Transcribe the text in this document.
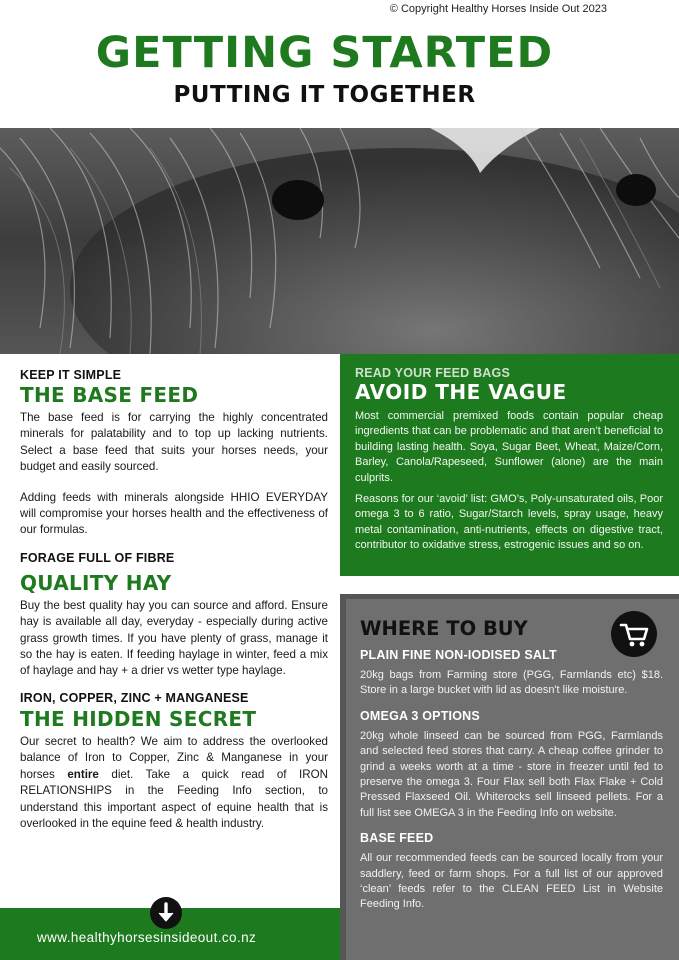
© Copyright Healthy Horses Inside Out 2023
GETTING STARTED
PUTTING IT TOGETHER
KEEP IT SIMPLE
THE BASE FEED

The base feed is for carrying the highly concentrated minerals for palatability and to top up lacking nutrients. Select a base feed that suits your horses needs, your budget and easily sourced.

Adding feeds with minerals alongside HHIO EVERYDAY will compromise your horses health and the effectiveness of our formulas.

FORAGE FULL OF FIBRE
QUALITY HAY

Buy the best quality hay you can source and afford. Ensure hay is available all day, everyday - especially during active grass growth times. If you have plenty of grass, manage it so the hay is eaten. If feeding haylage in winter, feed a mix of haylage and hay + a drier vs wetter type haylage.

IRON, COPPER, ZINC + MANGANESE
THE HIDDEN SECRET

Our secret to health? We aim to address the overlooked balance of Iron to Copper, Zinc & Manganese in your horses entire diet. Take a quick read of IRON RELATIONSHIPS in the Feeding Info section, to understand this important aspect of equine health that is overlooked in the equine feed & health industry.

READ YOUR FEED BAGS
AVOID THE VAGUE

Most commercial premixed foods contain popular cheap ingredients that can be problematic and that aren’t beneficial to building lasting health. Soya, Sugar Beet, Wheat, Maize/Corn, Barley, Canola/Rapeseed, Sunflower (alone) are the main culprits.

Reasons for our ‘avoid’ list: GMO’s, Poly-unsaturated oils, Poor omega 3 to 6 ratio, Sugar/Starch levels, spray usage, heavy metal contamination, anti-nutrients, effects on digestive tract, contributor to oxidative stress, estrogenic issues and so on.

WHERE TO BUY
PLAIN FINE NON-IODISED SALT

20kg bags from Farming store (PGG, Farmlands etc) $18. Store in a large bucket with lid as doesn't like moisture.

OMEGA 3 OPTIONS

20kg whole linseed can be sourced from PGG, Farmlands and selected feed stores that carry. A cheap coffee grinder to grind a weeks worth at a time - store in freezer until fed to preserve the omega 3. Four Flax sell both Flax Flake + Cold Pressed Flaxseed Oil. Whiterocks sell linseed pellets. For a full list see OMEGA 3 in the Feeding Info on website.

BASE FEED

All our recommended feeds can be sourced locally from your saddlery, feed or farm shops. For a full list of our approved ‘clean’ feeds refer to the CLEAN FEED List in Website Feeding Info.

www.healthyhorsesinsideout.co.nz
